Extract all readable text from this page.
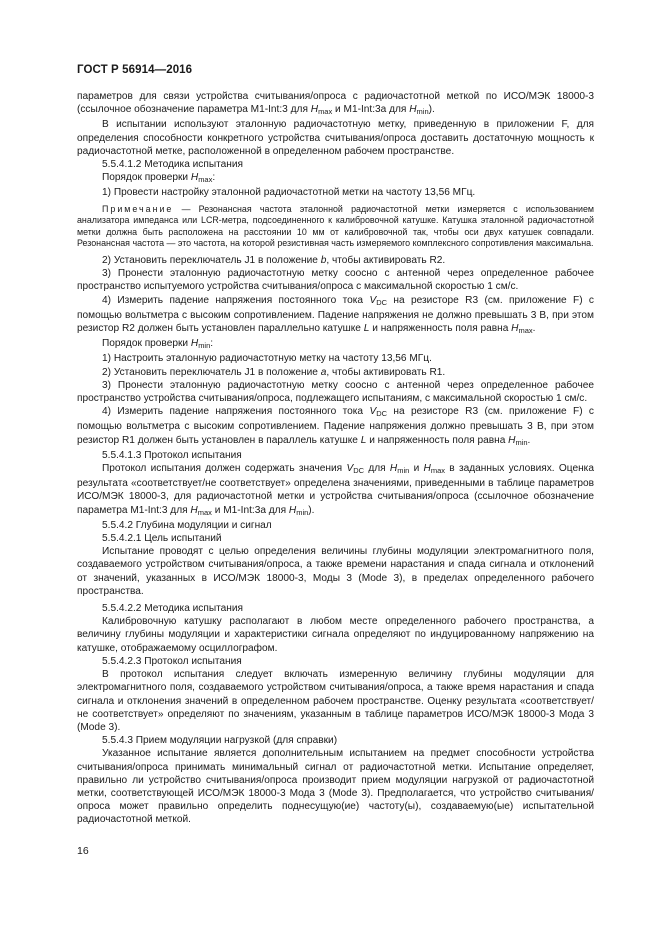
ГОСТ Р 56914—2016

параметров для связи устройства считывания/опроса с радиочастотной меткой по ИСО/МЭК 18000-3 (ссылочное обозначение параметра М1-Int:3 для $H_{max}$ и М1-Int:3a для $H_{min}$).

В испытании используют эталонную радиочастотную метку, приведенную в приложении F, для определения способности конкретного устройства считывания/опроса доставить достаточную мощность к радиочастотной метке, расположенной в определенном рабочем пространстве.

5.5.4.1.2 Методика испытания

Порядок проверки $H_{max}$:

1) Провести настройку эталонной радиочастотной метки на частоту 13,56 МГц.

Примечание — Резонансная частота эталонной радиочастотной метки измеряется с использованием анализатора импеданса или LCR-метра, подсоединенного к калибровочной катушке. Катушка эталонной радиочастотной метки должна быть расположена на расстоянии 10 мм от калибровочной так, чтобы оси двух катушек совпадали. Резонансная частота — это частота, на которой резистивная часть измеряемого комплексного сопротивления максимальна.

2) Установить переключатель J1 в положение b, чтобы активировать R2.

3) Пронести эталонную радиочастотную метку соосно с антенной через определенное рабочее пространство испытуемого устройства считывания/опроса с максимальной скоростью 1 см/с.

4) Измерить падение напряжения постоянного тока $V_{DC}$ на резисторе R3 (см. приложение F) с помощью вольтметра с высоким сопротивлением. Падение напряжения не должно превышать 3 В, при этом резистор R2 должен быть установлен параллельно катушке L и напряженность поля равна $H_{max}$.

Порядок проверки $H_{min}$:

1) Настроить эталонную радиочастотную метку на частоту 13,56 МГц.

2) Установить переключатель J1 в положение a, чтобы активировать R1.

3) Пронести эталонную радиочастотную метку соосно с антенной через определенное рабочее пространство устройства считывания/опроса, подлежащего испытаниям, с максимальной скоростью 1 см/с.

4) Измерить падение напряжения постоянного тока $V_{DC}$ на резисторе R3 (см. приложение F) с помощью вольтметра с высоким сопротивлением. Падение напряжения должно превышать 3 В, при этом резистор R1 должен быть установлен в параллель катушке L и напряженность поля равна $H_{min}$.

5.5.4.1.3 Протокол испытания

Протокол испытания должен содержать значения $V_{DC}$ для $H_{min}$ и $H_{max}$ в заданных условиях. Оценка результата «соответствует/не соответствует» определена значениями, приведенными в таблице параметров ИСО/МЭК 18000-3, для радиочастотной метки и устройства считывания/опроса (ссылочное обозначение параметра М1-Int:3 для $H_{max}$ и М1-Int:3a для $H_{min}$).

5.5.4.2 Глубина модуляции и сигнал

5.5.4.2.1 Цель испытаний

Испытание проводят с целью определения величины глубины модуляции электромагнитного поля, создаваемого устройством считывания/опроса, а также времени нарастания и спада сигнала и отклонений от значений, указанных в ИСО/МЭК 18000-3, Моды 3 (Mode 3), в пределах определенного рабочего пространства.

5.5.4.2.2 Методика испытания

Калибровочную катушку располагают в любом месте определенного рабочего пространства, а величину глубины модуляции и характеристики сигнала определяют по индуцированному напряжению на катушке, отображаемому осциллографом.

5.5.4.2.3 Протокол испытания

В протокол испытания следует включать измеренную величину глубины модуляции для электромагнитного поля, создаваемого устройством считывания/опроса, а также время нарастания и спада сигнала и отклонения значений в определенном рабочем пространстве. Оценку результата «соответствует/не соответствует» определяют по значениям, указанным в таблице параметров ИСО/МЭК 18000-3 Мода 3 (Mode 3).

5.5.4.3 Прием модуляции нагрузкой (для справки)

Указанное испытание является дополнительным испытанием на предмет способности устройства считывания/опроса принимать минимальный сигнал от радиочастотной метки. Испытание определяет, правильно ли устройство считывания/опроса производит прием модуляции нагрузкой от радиочастотной метки, соответствующей ИСО/МЭК 18000-3 Мода 3 (Mode 3). Предполагается, что устройство считывания/опроса может правильно определить поднесущую(ие) частоту(ы), создаваемую(ые) испытательной радиочастотной меткой.

16
